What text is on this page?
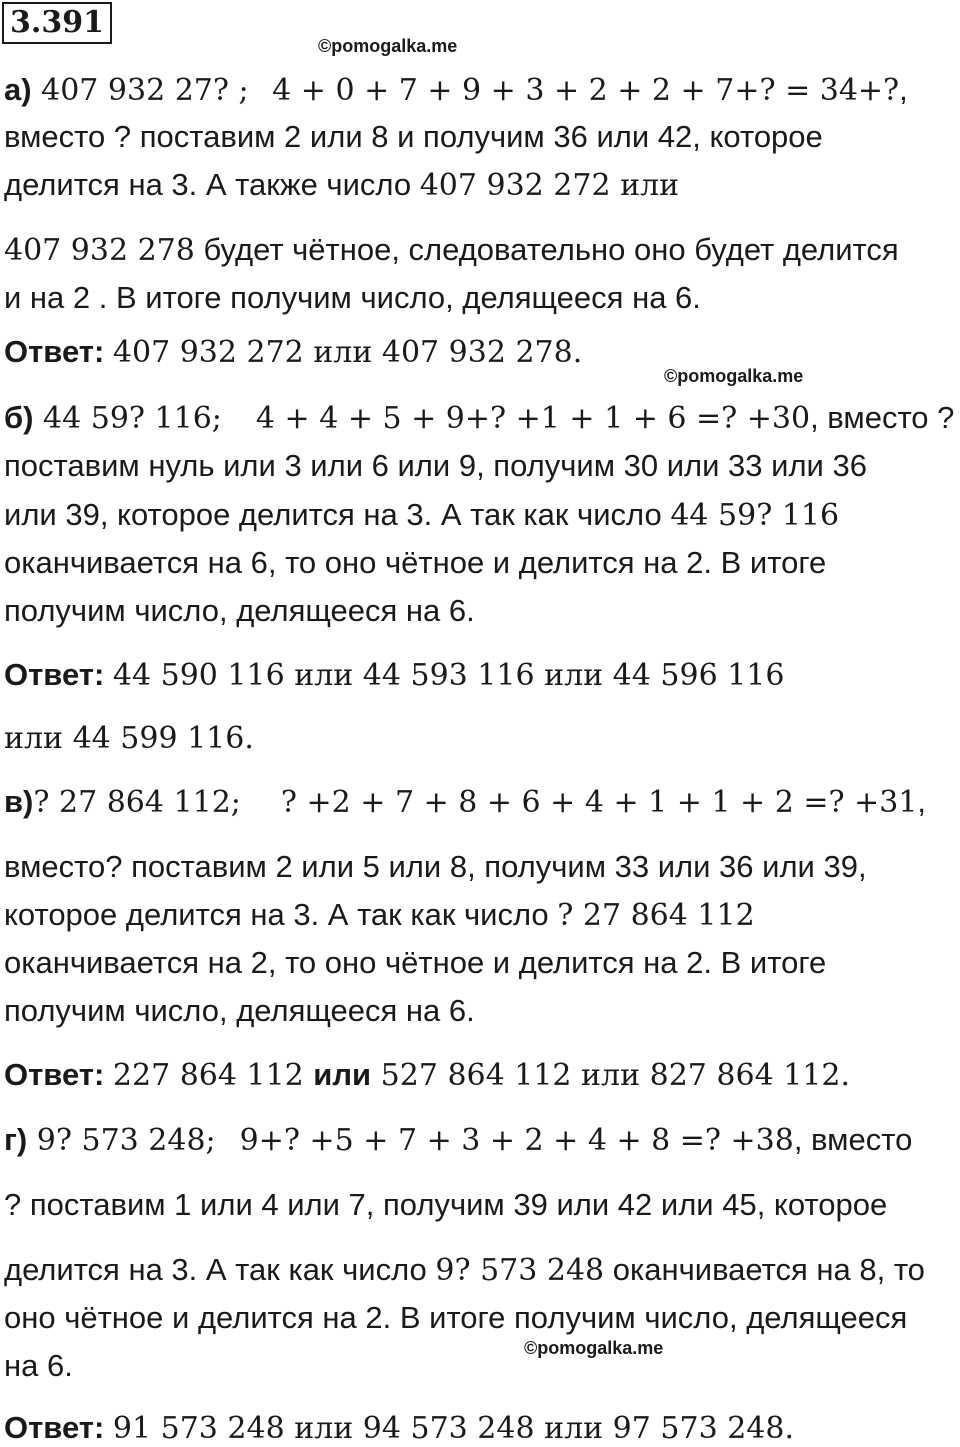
3.391
©pomogalka.me
а) 407 932 27? ; 4 + 0 + 7 + 9 + 3 + 2 + 2 + 7+? = 34+?,
вместо ? поставим 2 или 8 и получим 36 или 42, которое
делится на 3. А также число 407 932 272 или
407 932 278 будет чётное, следовательно оно будет делится
и на 2 . В итоге получим число, делящееся на 6.
Ответ: 407 932 272 или 407 932 278.
©pomogalka.me
б) 44 59? 116; 4 + 4 + 5 + 9+? +1 + 1 + 6 =? +30, вместо ?
поставим нуль или 3 или 6 или 9, получим 30 или 33 или 36
или 39, которое делится на 3. А так как число 44 59? 116
оканчивается на 6, то оно чётное и делится на 2. В итоге
получим число, делящееся на 6.
Ответ: 44 590 116 или 44 593 116 или 44 596 116
или 44 599 116.
в)? 27 864 112; ? +2 + 7 + 8 + 6 + 4 + 1 + 1 + 2 =? +31,
вместо? поставим 2 или 5 или 8, получим 33 или 36 или 39,
которое делится на 3. А так как число ? 27 864 112
оканчивается на 2, то оно чётное и делится на 2. В итоге
получим число, делящееся на 6.
Ответ: 227 864 112 или 527 864 112 или 827 864 112.
г) 9? 573 248; 9+? +5 + 7 + 3 + 2 + 4 + 8 =? +38, вместо
? поставим 1 или 4 или 7, получим 39 или 42 или 45, которое
делится на 3. А так как число 9? 573 248 оканчивается на 8, то
оно чётное и делится на 2. В итоге получим число, делящееся
©pomogalka.me
на 6.
Ответ: 91 573 248 или 94 573 248 или 97 573 248.
